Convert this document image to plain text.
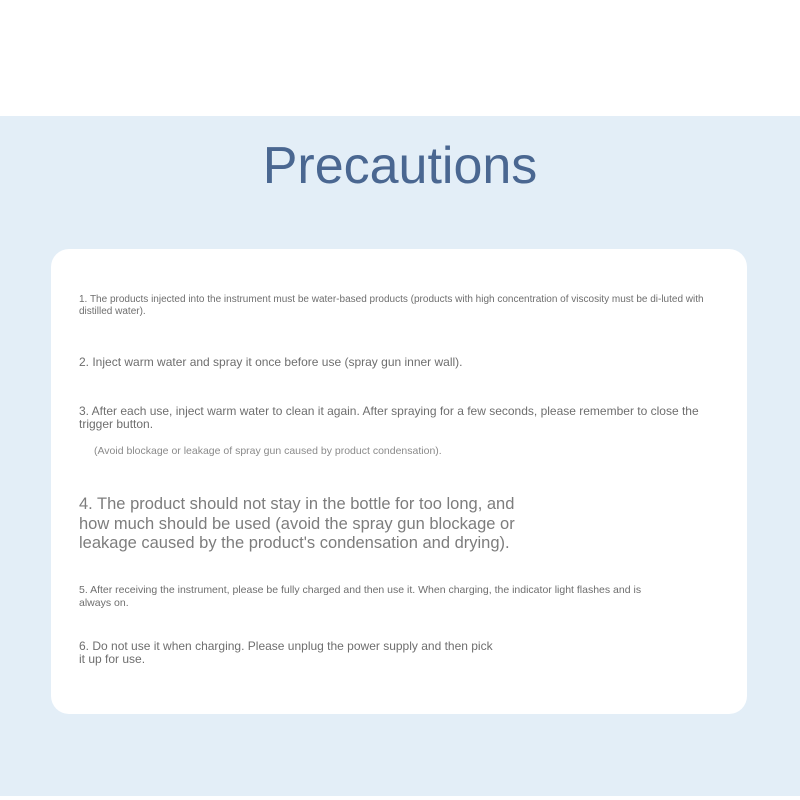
Precautions

1. The products injected into the instrument must be water-based products (products with high concentration of viscosity must be di-luted with distilled water).

2. Inject warm water and spray it once before use (spray gun inner wall).

3. After each use, inject warm water to clean it again. After spraying for a few seconds, please remember to close the trigger button.

(Avoid blockage or leakage of spray gun caused by product condensation).

4. The product should not stay in the bottle for too long, and how much should be used (avoid the spray gun blockage or leakage caused by the product's condensation and drying).

5. After receiving the instrument, please be fully charged and then use it. When charging, the indicator light flashes and is always on.

6. Do not use it when charging. Please unplug the power supply and then pick it up for use.
